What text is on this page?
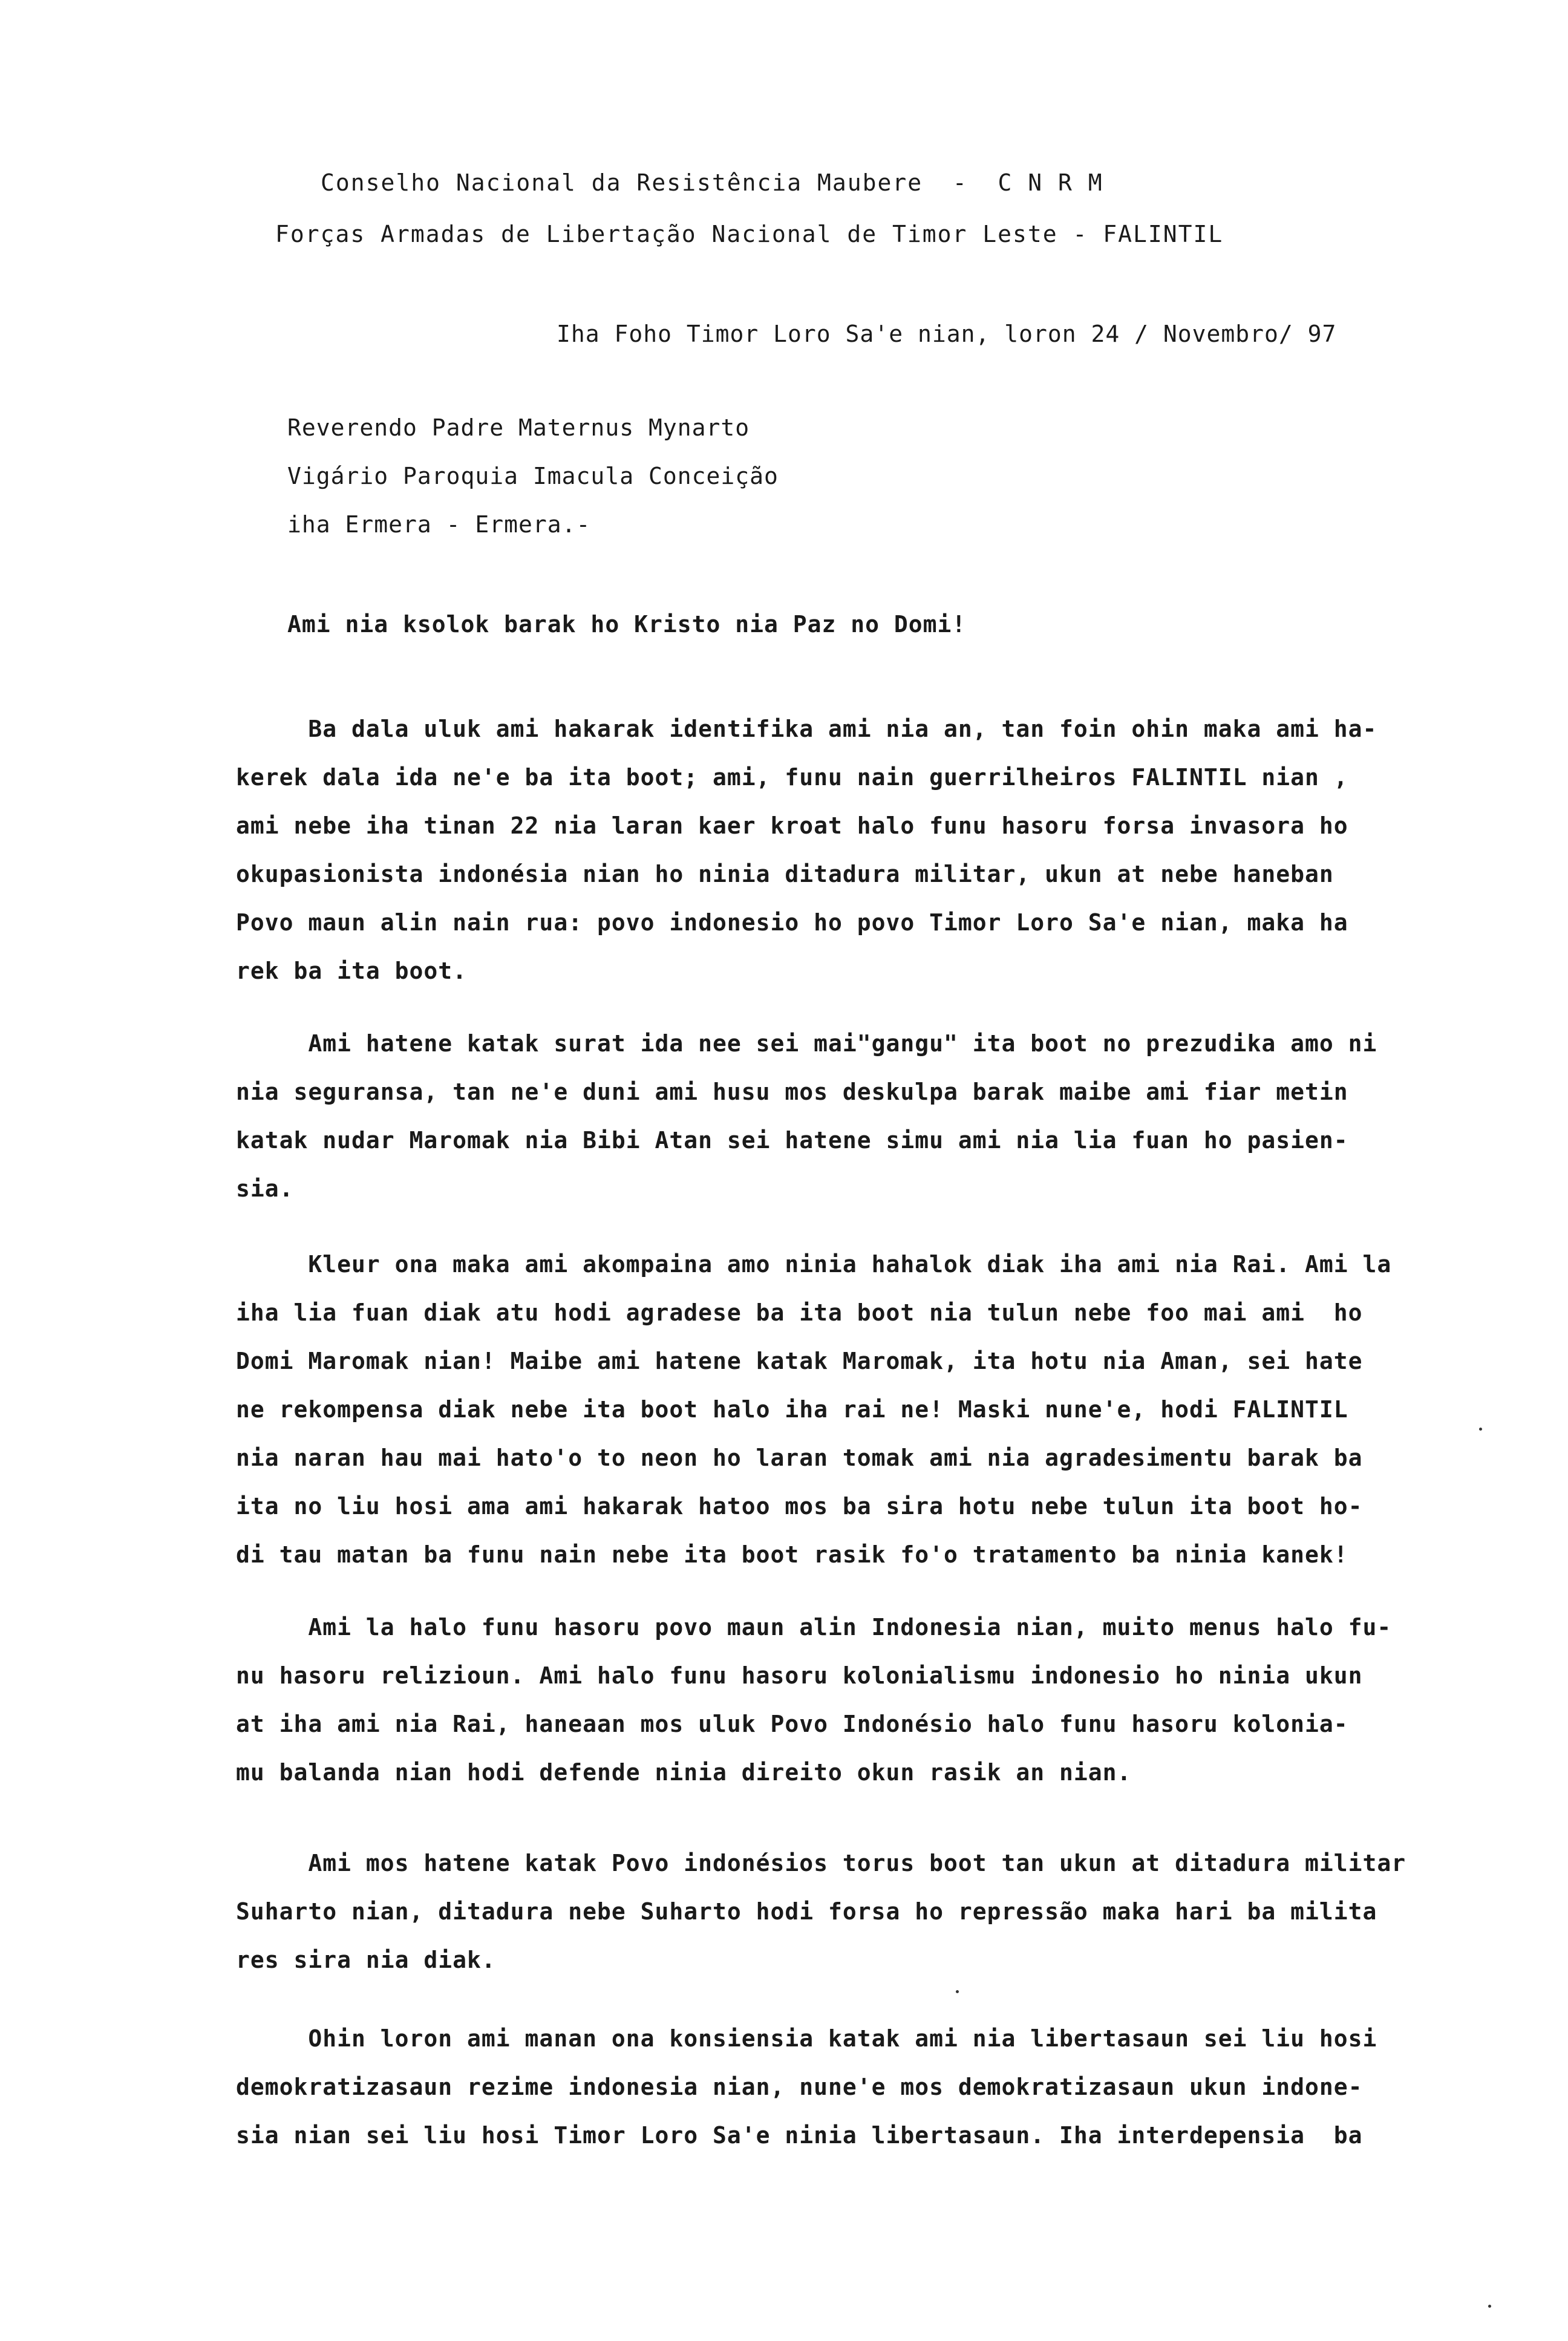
Conselho Nacional da Resistência Maubere  -  C N R M
Forças Armadas de Libertação Nacional de Timor Leste - FALINTIL
Iha Foho Timor Loro Sa'e nian, loron 24 / Novembro/ 97
Reverendo Padre Maternus Mynarto
Vigário Paroquia Imacula Conceição
iha Ermera - Ermera.-
Ami nia ksolok barak ho Kristo nia Paz no Domi!
Ba dala uluk ami hakarak identifika ami nia an, tan foin ohin maka ami ha-
kerek dala ida ne'e ba ita boot; ami, funu nain guerrilheiros FALINTIL nian ,
ami nebe iha tinan 22 nia laran kaer kroat halo funu hasoru forsa invasora ho
okupasionista indonésia nian ho ninia ditadura militar, ukun at nebe haneban
Povo maun alin nain rua: povo indonesio ho povo Timor Loro Sa'e nian, maka ha
rek ba ita boot.
Ami hatene katak surat ida nee sei mai"gangu" ita boot no prezudika amo ni
nia seguransa, tan ne'e duni ami husu mos deskulpa barak maibe ami fiar metin
katak nudar Maromak nia Bibi Atan sei hatene simu ami nia lia fuan ho pasien-
sia.
Kleur ona maka ami akompaina amo ninia hahalok diak iha ami nia Rai. Ami la
iha lia fuan diak atu hodi agradese ba ita boot nia tulun nebe foo mai ami  ho
Domi Maromak nian! Maibe ami hatene katak Maromak, ita hotu nia Aman, sei hate
ne rekompensa diak nebe ita boot halo iha rai ne! Maski nune'e, hodi FALINTIL
nia naran hau mai hato'o to neon ho laran tomak ami nia agradesimentu barak ba
ita no liu hosi ama ami hakarak hatoo mos ba sira hotu nebe tulun ita boot ho-
di tau matan ba funu nain nebe ita boot rasik fo'o tratamento ba ninia kanek!
Ami la halo funu hasoru povo maun alin Indonesia nian, muito menus halo fu-
nu hasoru relizioun. Ami halo funu hasoru kolonialismu indonesio ho ninia ukun
at iha ami nia Rai, haneaan mos uluk Povo Indonésio halo funu hasoru kolonia-
mu balanda nian hodi defende ninia direito okun rasik an nian.
Ami mos hatene katak Povo indonésios torus boot tan ukun at ditadura militar
Suharto nian, ditadura nebe Suharto hodi forsa ho repressão maka hari ba milita
res sira nia diak.
Ohin loron ami manan ona konsiensia katak ami nia libertasaun sei liu hosi
demokratizasaun rezime indonesia nian, nune'e mos demokratizasaun ukun indone-
sia nian sei liu hosi Timor Loro Sa'e ninia libertasaun. Iha interdepensia  ba
